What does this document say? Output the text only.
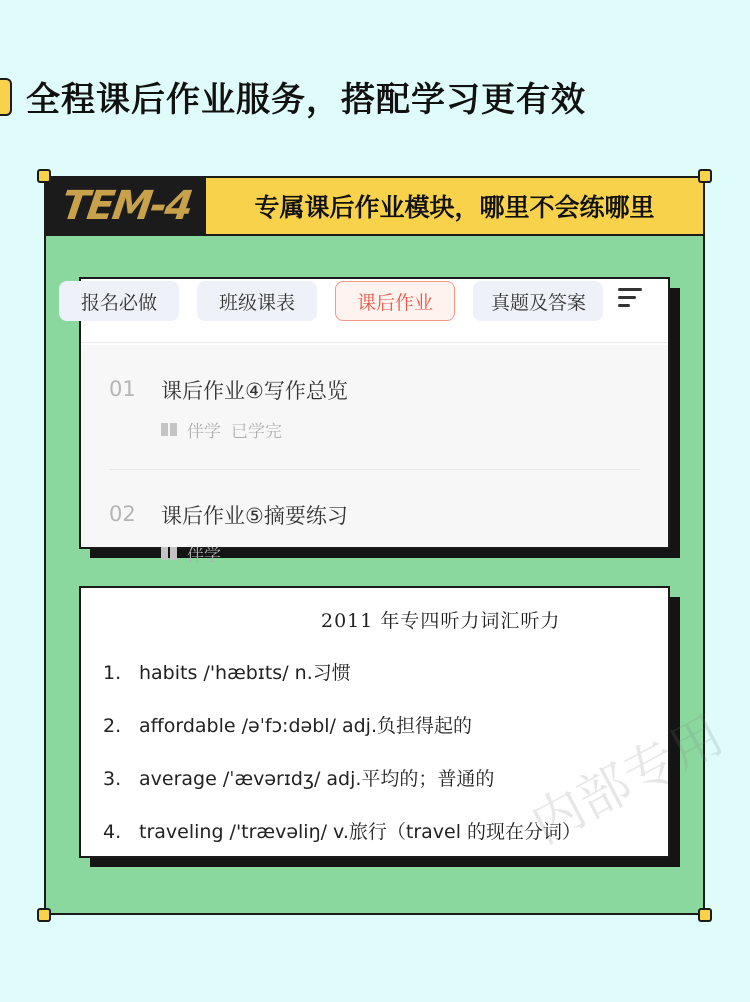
全程课后作业服务，搭配学习更有效
TEM-4	专属课后作业模块，哪里不会练哪里
报名必做	班级课表	课后作业	真题及答案
01 课后作业④写作总览
伴学 已学完
02 课后作业⑤摘要练习
伴学
内部专用
2011 年专四听力词汇听力
1. habits /'hæbɪts/ n.习惯
2. affordable /əˈfɔ:dəbl/ adj.负担得起的
3. average /ˈævərɪdʒ/ adj.平均的；普通的
4. traveling /'trævəliŋ/ v.旅行（travel 的现在分词）
